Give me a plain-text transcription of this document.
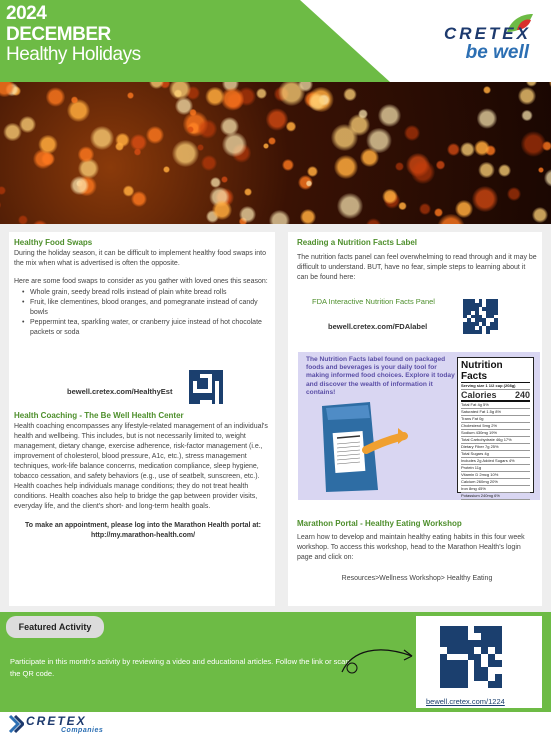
2024
DECEMBER
Healthy Holidays
CRETEX
be well
Healthy Food Swaps
During the holiday season, it can be difficult to implement healthy food swaps into the mix when what is advertised is often the opposite.
Here are some food swaps to consider as you gather with loved ones this season:
• Whole grain, seedy bread rolls instead of plain white bread rolls
• Fruit, like clementines, blood oranges, and pomegranate instead of candy bowls
• Peppermint tea, sparkling water, or cranberry juice instead of hot chocolate packets or soda
bewell.cretex.com/HealthyEst
Health Coaching - The Be Well Health Center
Health coaching encompasses any lifestyle-related management of an individual's health and wellbeing. This includes, but is not necessarily limited to, weight management, dietary change, exercise adherence, risk-factor management (i.e., improvement of cholesterol, blood pressure, A1c, etc.), stress management techniques, work-life balance concerns, medication compliance, sleep hygiene, tobacco cessation, and safety behaviors (e.g., use of seatbelt, sunscreen, etc.). Health coaches help individuals manage conditions; they do not treat health conditions. Health coaches also help to bridge the gap between provider visits, everyday life, and the client's short- and long-term health goals.
To make an appointment, please log into the Marathon Health portal at: http://my.marathon-health.com/
Reading a Nutrition Facts Label
The nutrition facts panel can feel overwhelming to read through and it may be difficult to understand. BUT, have no fear, simple steps to learning about it can be found here:
FDA Interactive Nutrition Facts Panel
bewell.cretex.com/FDAlabel
Marathon Portal - Healthy Eating Workshop
Learn how to develop and maintain healthy eating habits in this four week workshop. To access this workshop, head to the Marathon Health's login page and click on:
Resources>Wellness Workshop> Healthy Eating
The Nutrition Facts label found on packaged foods and beverages is your daily tool for making informed food choices. Explore it today and discover the wealth of information it contains!
Nutrition Facts
Serving size 1 1/2 cup (208g)
Calories 240
Total Fat 4g 5%
Saturated Fat 1.5g 8%
Trans Fat 0g
Cholesterol 5mg 2%
Sodium 430mg 19%
Total Carbohydrate 46g 17%
Dietary Fiber 7g 25%
Total Sugars 4g
Includes 2g Added Sugars 4%
Protein 11g
Vitamin D 2mcg 10%
Calcium 260mg 20%
Iron 8mg 45%
Potassium 240mg 6%
Featured Activity
Participate in this month's activity by reviewing a video and educational articles. Follow the link or scan the QR code.
bewell.cretex.com/1224
CRETEX
Companies
